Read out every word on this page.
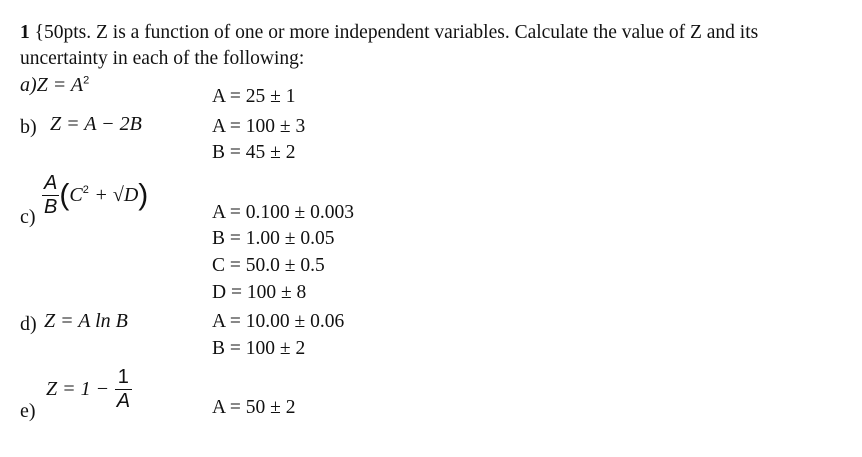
1 {50pts. Z is a function of one or more independent variables. Calculate the value of Z and its
uncertainty in each of the following:
$a)Z = A^2$
A = 25 ± 1
b) Z = A − 2B	A = 100 ± 3
B = 45 ± 2
$\frac{A}{B} (C^2 + √D)$
c)	A = 0.100 ± 0.003
B = 1.00 ± 0.05
C = 50.0 ± 0.5
D = 100 ± 8
d) Z = A ln B	A = 10.00 ± 0.06
B = 100 ± 2
$Z = 1 - \frac{1}{A}$
e)	A = 50 ± 2
